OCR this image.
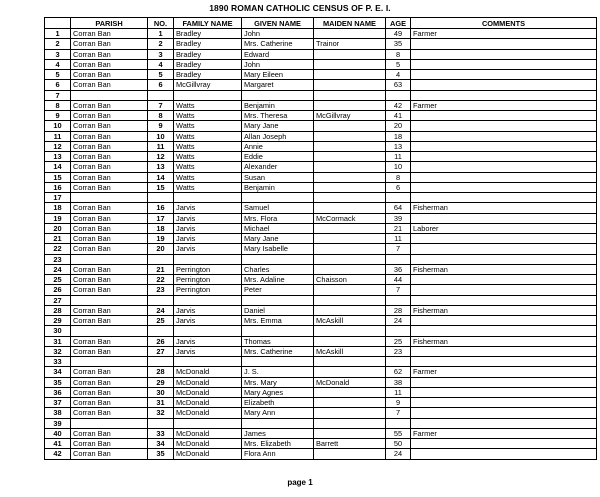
1890 ROMAN CATHOLIC CENSUS OF P. E. I.
	PARISH	NO.	FAMILY NAME	GIVEN NAME	MAIDEN NAME	AGE	COMMENTS
1	Corran Ban	1	Bradley	John		49	Farmer
2	Corran Ban	2	Bradley	Mrs. Catherine	Trainor	35	
3	Corran Ban	3	Bradley	Edward		8	
4	Corran Ban	4	Bradley	John		5	
5	Corran Ban	5	Bradley	Mary Eileen		4	
6	Corran Ban	6	McGillvray	Margaret		63	
7							
8	Corran Ban	7	Watts	Benjamin		42	Farmer
9	Corran Ban	8	Watts	Mrs. Theresa	McGillvray	41	
10	Corran Ban	9	Watts	Mary Jane		20	
11	Corran Ban	10	Watts	Allan Joseph		18	
12	Corran Ban	11	Watts	Annie		13	
13	Corran Ban	12	Watts	Eddie		11	
14	Corran Ban	13	Watts	Alexander		10	
15	Corran Ban	14	Watts	Susan		8	
16	Corran Ban	15	Watts	Benjamin		6	
17							
18	Corran Ban	16	Jarvis	Samuel		64	Fisherman
19	Corran Ban	17	Jarvis	Mrs. Flora	McCormack	39	
20	Corran Ban	18	Jarvis	Michael		21	Laborer
21	Corran Ban	19	Jarvis	Mary Jane		11	
22	Corran Ban	20	Jarvis	Mary Isabelle		7	
23							
24	Corran Ban	21	Perrington	Charles		36	Fisherman
25	Corran Ban	22	Perrington	Mrs. Adaline	Chaisson	44	
26	Corran Ban	23	Perrington	Peter		7	
27							
28	Corran Ban	24	Jarvis	Daniel		28	Fisherman
29	Corran Ban	25	Jarvis	Mrs. Emma	McAskill	24	
30							
31	Corran Ban	26	Jarvis	Thomas		25	Fisherman
32	Corran Ban	27	Jarvis	Mrs. Catherine	McAskill	23	
33							
34	Corran Ban	28	McDonald	J. S.		62	Farmer
35	Corran Ban	29	McDonald	Mrs. Mary	McDonald	38	
36	Corran Ban	30	McDonald	Mary Agnes		11	
37	Corran Ban	31	McDonald	Elizabeth		9	
38	Corran Ban	32	McDonald	Mary Ann		7	
39							
40	Corran Ban	33	McDonald	James		55	Farmer
41	Corran Ban	34	McDonald	Mrs. Elizabeth	Barrett	50	
42	Corran Ban	35	McDonald	Flora Ann		24	
page 1
